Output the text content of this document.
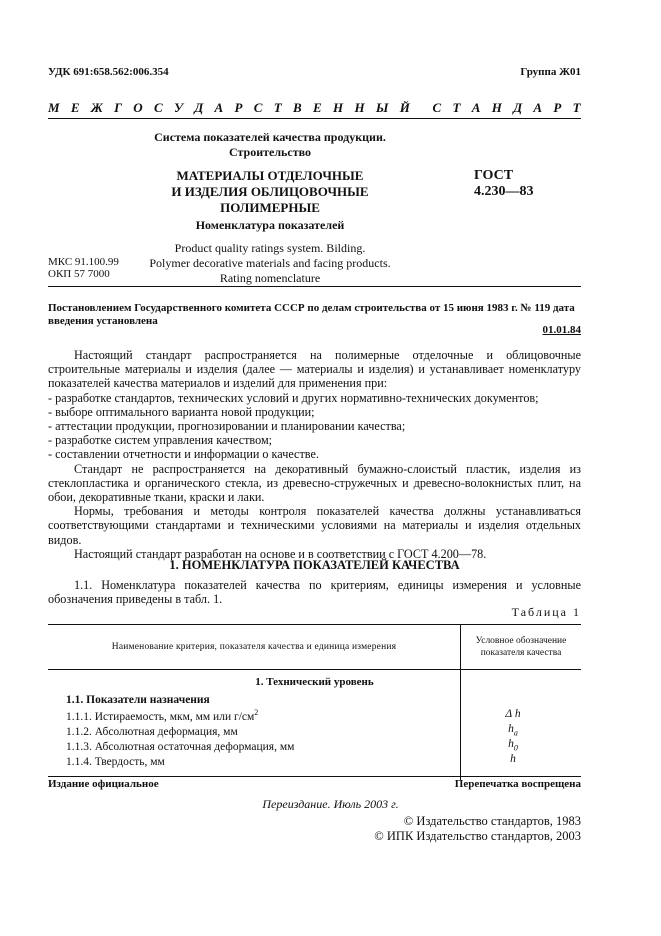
УДК 691:658.562:006.354	Группа Ж01
М Е Ж Г О С У Д А Р С Т В Е Н Н Ы Й С Т А Н Д А Р Т
Система показателей качества продукции.
Строительство
МАТЕРИАЛЫ ОТДЕЛОЧНЫЕ
И ИЗДЕЛИЯ ОБЛИЦОВОЧНЫЕ ПОЛИМЕРНЫЕ
Номенклатура показателей
Product quality ratings system. Bilding.
Polymer decorative materials and facing products.
Rating nomenclature
ГОСТ
4.230—83
МКС 91.100.99
ОКП 57 7000
Постановлением Государственного комитета СССР по делам строительства от 15 июня 1983 г. № 119 дата введения установлена
01.01.84

Настоящий стандарт распространяется на полимерные отделочные и облицовочные строительные материалы и изделия (далее — материалы и изделия) и устанавливает номенклатуру показателей качества материалов и изделий для применения при:

- разработке стандартов, технических условий и других нормативно-технических документов;

- выборе оптимального варианта новой продукции;

- аттестации продукции, прогнозировании и планировании качества;

- разработке систем управления качеством;

- составлении отчетности и информации о качестве.

Стандарт не распространяется на декоративный бумажно-слоистый пластик, изделия из стеклопластика и органического стекла, из древесно-стружечных и древесно-волокнистых плит, на обои, декоративные ткани, краски и лаки.

Нормы, требования и методы контроля показателей качества должны устанавливаться соответствующими стандартами и техническими условиями на материалы и изделия отдельных видов.

Настоящий стандарт разработан на основе и в соответствии с ГОСТ 4.200—78.

1. НОМЕНКЛАТУРА ПОКАЗАТЕЛЕЙ КАЧЕСТВА
1.1. Номенклатура показателей качества по критериям, единицы измерения и условные обозначения приведены в табл. 1.
Таблица 1
Наименование критерия, показателя качества и единица измерения
Условное обозначение
показателя качества
1. Технический уровень
1.1. Показатели назначения
1.1.1. Истираемость, мкм, мм или $г/см^2$	Δ h
1.1.2. Абсолютная деформация, мм	$h_a$
1.1.3. Абсолютная остаточная деформация, мм	$h_0$
1.1.4. Твердость, мм	h
Издание официальное	Перепечатка воспрещена
Переиздание. Июль 2003 г.
© Издательство стандартов, 1983
© ИПК Издательство стандартов, 2003
